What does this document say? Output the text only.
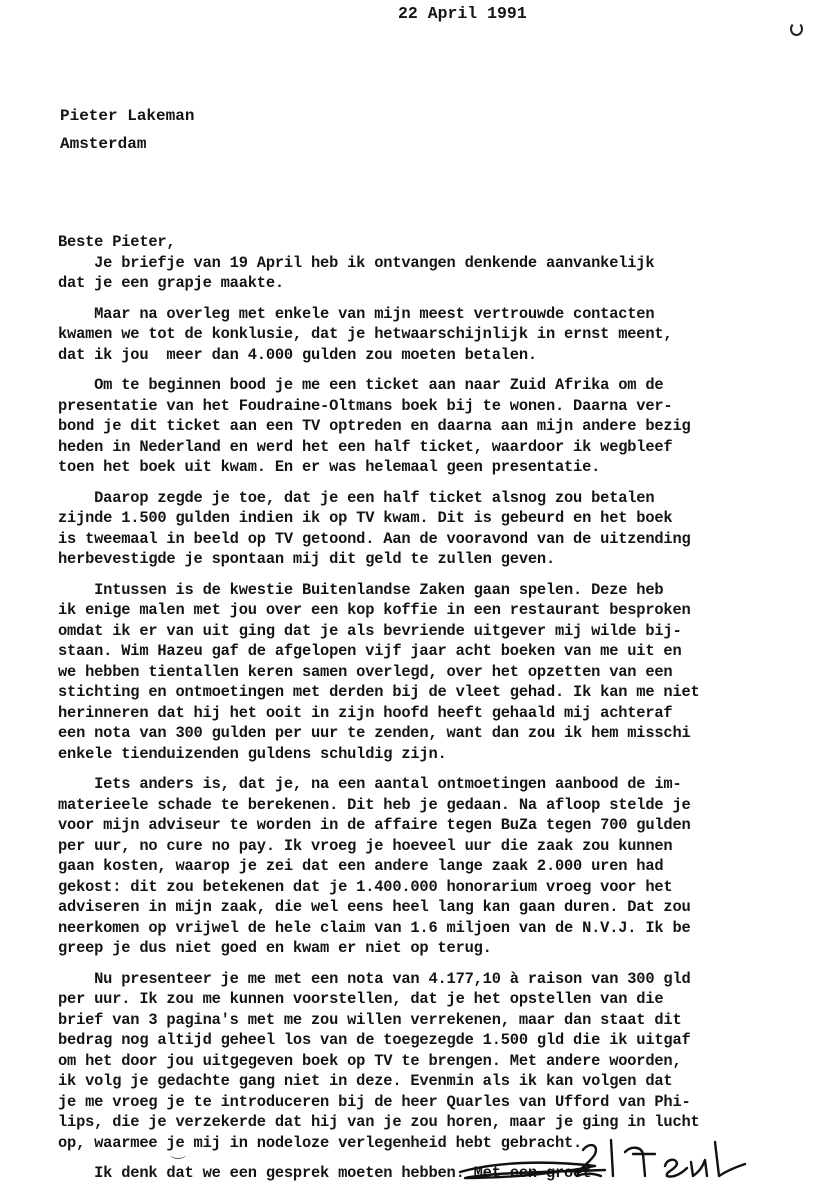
22 April 1991
Pieter Lakeman
Amsterdam

Beste Pieter,

Je briefje van 19 April heb ik ontvangen denkende aanvankelijk
dat je een grapje maakte.

Maar na overleg met enkele van mijn meest vertrouwde contacten
kwamen we tot de konklusie, dat je hetwaarschijnlijk in ernst meent,
dat ik jou  meer dan 4.000 gulden zou moeten betalen.

Om te beginnen bood je me een ticket aan naar Zuid Afrika om de
presentatie van het Foudraine-Oltmans boek bij te wonen. Daarna ver-
bond je dit ticket aan een TV optreden en daarna aan mijn andere bezig
heden in Nederland en werd het een half ticket, waardoor ik wegbleef
toen het boek uit kwam. En er was helemaal geen presentatie.

Daarop zegde je toe, dat je een half ticket alsnog zou betalen
zijnde 1.500 gulden indien ik op TV kwam. Dit is gebeurd en het boek
is tweemaal in beeld op TV getoond. Aan de vooravond van de uitzending
herbevestigde je spontaan mij dit geld te zullen geven.

Intussen is de kwestie Buitenlandse Zaken gaan spelen. Deze heb
ik enige malen met jou over een kop koffie in een restaurant besproken
omdat ik er van uit ging dat je als bevriende uitgever mij wilde bij-
staan. Wim Hazeu gaf de afgelopen vijf jaar acht boeken van me uit en
we hebben tientallen keren samen overlegd, over het opzetten van een
stichting en ontmoetingen met derden bij de vleet gehad. Ik kan me niet
herinneren dat hij het ooit in zijn hoofd heeft gehaald mij achteraf
een nota van 300 gulden per uur te zenden, want dan zou ik hem misschi
enkele tienduizenden guldens schuldig zijn.

Iets anders is, dat je, na een aantal ontmoetingen aanbood de im-
materieele schade te berekenen. Dit heb je gedaan. Na afloop stelde je
voor mijn adviseur te worden in de affaire tegen BuZa tegen 700 gulden
per uur, no cure no pay. Ik vroeg je hoeveel uur die zaak zou kunnen
gaan kosten, waarop je zei dat een andere lange zaak 2.000 uren had
gekost: dit zou betekenen dat je 1.400.000 honorarium vroeg voor het
adviseren in mijn zaak, die wel eens heel lang kan gaan duren. Dat zou
neerkomen op vrijwel de hele claim van 1.6 miljoen van de N.V.J. Ik be
greep je dus niet goed en kwam er niet op terug.

Nu presenteer je me met een nota van 4.177,10 à raison van 300 gld
per uur. Ik zou me kunnen voorstellen, dat je het opstellen van die
brief van 3 pagina's met me zou willen verrekenen, maar dan staat dit
bedrag nog altijd geheel los van de toegezegde 1.500 gld die ik uitgaf
om het door jou uitgegeven boek op TV te brengen. Met andere woorden,
ik volg je gedachte gang niet in deze. Evenmin als ik kan volgen dat
je me vroeg je te introduceren bij de heer Quarles van Ufford van Phi-
lips, die je verzekerde dat hij van je zou horen, maar je ging in lucht
op, waarmee je mij in nodeloze verlegenheid hebt gebracht.

Ik denk dat we een gesprek moeten hebben. Met een groet
